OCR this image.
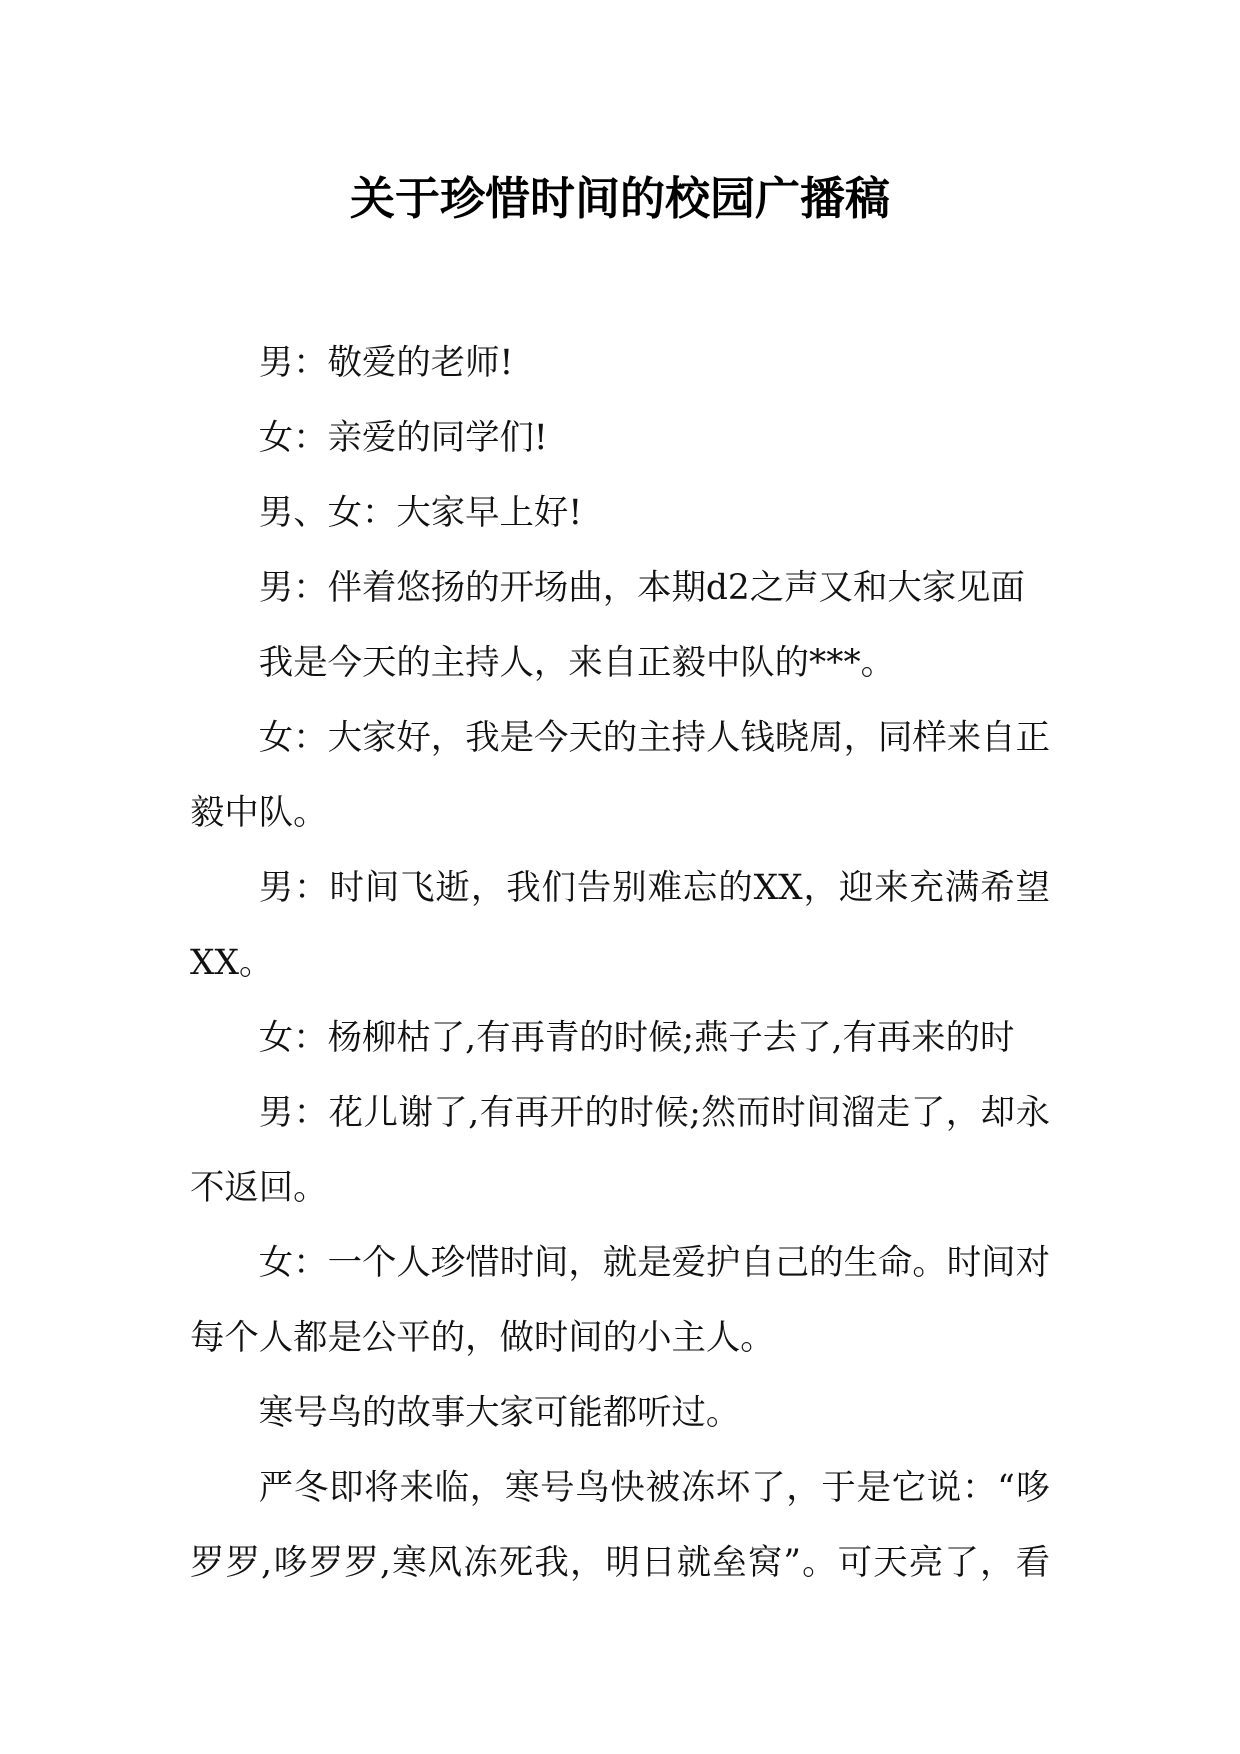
关于珍惜时间的校园广播稿
男：敬爱的老师!
女：亲爱的同学们!
男、女：大家早上好!
男：伴着悠扬的开场曲，本期d2之声又和大家见面
我是今天的主持人，来自正毅中队的***。
女：大家好，我是今天的主持人钱晓周，同样来自正
毅中队。
男：时间飞逝，我们告别难忘的XX，迎来充满希望
XX。
女：杨柳枯了,有再青的时候;燕子去了,有再来的时
男：花儿谢了,有再开的时候;然而时间溜走了，却永
不返回。
女：一个人珍惜时间，就是爱护自己的生命。时间对
每个人都是公平的，做时间的小主人。
寒号鸟的故事大家可能都听过。
严冬即将来临，寒号鸟快被冻坏了，于是它说：“哆
罗罗,哆罗罗,寒风冻死我，明日就垒窝”。可天亮了，看
